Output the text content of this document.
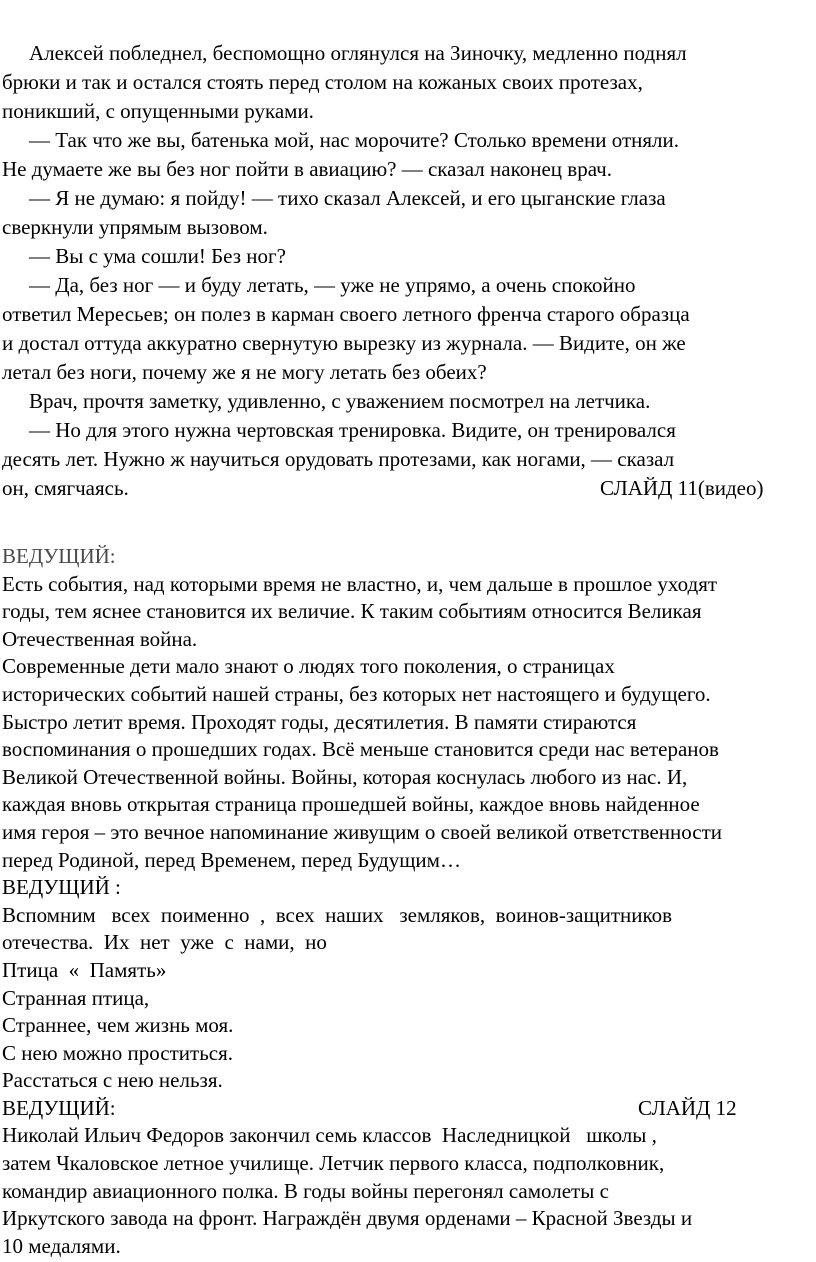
Алексей побледнел, беспомощно оглянулся на Зиночку, медленно поднял
брюки и так и остался стоять перед столом на кожаных своих протезах,
поникший, с опущенными руками.
— Так что же вы, батенька мой, нас морочите? Столько времени отняли.
Не думаете же вы без ног пойти в авиацию? — сказал наконец врач.
— Я не думаю: я пойду! — тихо сказал Алексей, и его цыганские глаза
сверкнули упрямым вызовом.
— Вы с ума сошли! Без ног?
— Да, без ног — и буду летать, — уже не упрямо, а очень спокойно
ответил Мересьев; он полез в карман своего летного френча старого образца
и достал оттуда аккуратно свернутую вырезку из журнала. — Видите, он же
летал без ноги, почему же я не могу летать без обеих?
Врач, прочтя заметку, удивленно, с уважением посмотрел на летчика.
— Но для этого нужна чертовская тренировка. Видите, он тренировался
десять лет. Нужно ж научиться орудовать протезами, как ногами, — сказал
он, смягчаясь.	СЛАЙД 11(видео)
ВЕДУЩИЙ:
Есть события, над которыми время не властно, и, чем дальше в прошлое уходят
годы, тем яснее становится их величие. К таким событиям относится Великая
Отечественная война.
Современные дети мало знают о людях того поколения, о страницах
исторических событий нашей страны, без которых нет настоящего и будущего.
Быстро летит время. Проходят годы, десятилетия. В памяти стираются
воспоминания о прошедших годах. Всё меньше становится среди нас ветеранов
Великой Отечественной войны. Войны, которая коснулась любого из нас. И,
каждая вновь открытая страница прошедшей войны, каждое вновь найденное
имя героя – это вечное напоминание живущим о своей великой ответственности
перед Родиной, перед Временем, перед Будущим…
ВЕДУЩИЙ :
Вспомним   всех  поименно  ,  всех  наших   земляков,  воинов-защитников
отечества.  Их  нет  уже  с  нами,  но
Птица  «  Память»
Странная птица,
Страннее, чем жизнь моя.
С нею можно проститься.
Расстаться с нею нельзя.
ВЕДУЩИЙ:	СЛАЙД 12
Николай Ильич Федоров закончил семь классов  Наследницкой   школы ,
затем Чкаловское летное училище. Летчик первого класса, подполковник,
командир авиационного полка. В годы войны перегонял самолеты с
Иркутского завода на фронт. Награждён двумя орденами – Красной Звезды и
10 медалями.
